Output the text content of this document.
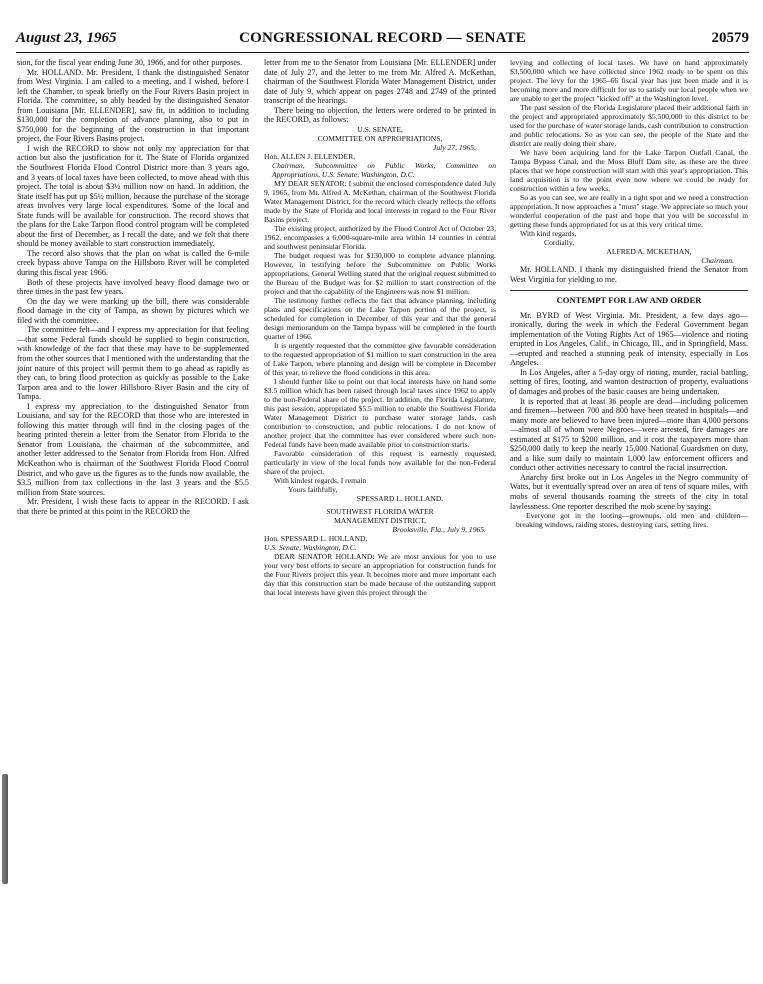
August 23, 1965	CONGRESSIONAL RECORD — SENATE	20579

sion, for the fiscal year ending June 30, 1966, and for other purposes.

Mr. HOLLAND. Mr. President, I thank the distinguished Senator from West Virginia. I am called to a meeting, and I wished, before I left the Chamber, to speak briefly on the Four Rivers Basin project in Florida. The committee, so ably headed by the distinguished Senator from Louisiana [Mr. ELLENDER], saw fit, in addition to including $130,000 for the completion of advance planning, also to put in $750,000 for the beginning of the construction in that important project, the Four Rivers Basins project.

I wish the RECORD to show not only my appreciation for that action but also the justification for it. The State of Florida organized the Southwest Florida Flood Control District more than 3 years ago, and 3 years of local taxes have been collected, to move ahead with this project. The total is about $3½ million now on hand. In addition, the State itself has put up $5½ million, because the purchase of the storage areas involves very large local expenditures. Some of the local and State funds will be available for construction. The record shows that the plans for the Lake Tarpon flood control program will be completed about the first of December, as I recall the date, and we felt that there should be money available to start construction immediately.

The record also shows that the plan on what is called the 6-mile creek bypass above Tampa on the Hillsboro River will be completed during this fiscal year 1966.

Both of these projects have involved heavy flood damage two or three times in the past few years.

On the day we were marking up the bill, there was considerable flood damage in the city of Tampa, as shown by pictures which we filed with the committee.

The committee felt—and I express my appreciation for that feeling—that some Federal funds should be supplied to begin construction, with knowledge of the fact that these may have to be supplemented from the other sources that I mentioned with the understanding that the joint nature of this project will permit them to go ahead as rapidly as they can, to bring flood protection as quickly as possible to the Lake Tarpon area and to the lower Hillsboro River Basin and the city of Tampa.

I express my appreciation to the distinguished Senator from Louisiana, and say for the RECORD that those who are interested in following this matter through will find in the closing pages of the hearing printed therein a letter from the Senator from Florida to the Senator from Louisiana, the chairman of the subcommittee, and another letter addressed to the Senator from Florida from Hon. Alfred McKeathon who is chairman of the Southwest Florida Flood Control District, and who gave us the figures as to the funds now available, the $3.5 million from tax collections in the last 3 years and the $5.5 million from State sources.

Mr. President, I wish these facts to appear in the RECORD. I ask that there be printed at this point in the RECORD the

letter from me to the Senator from Louisiana [Mr. ELLENDER] under date of July 27, and the letter to me from Mr. Alfred A. McKethan, chairman of the Southwest Florida Water Management District, under date of July 9, which appear on pages 2748 and 2749 of the printed transcript of the hearings.

There being no objection, the letters were ordered to be printed in the RECORD, as follows:

U.S. SENATE,

COMMITTEE ON APPROPRIATIONS,

July 27, 1965.

Hon. ALLEN J. ELLENDER,

Chairman, Subcommittee on Public Works, Committee on Appropriations, U.S. Senate, Washington, D.C.

MY DEAR SENATOR: I submit the enclosed correspondence dated July 9, 1965, from Mr. Alfred A. McKethan, chairman of the Southwest Florida Water Management District, for the record which clearly reflects the efforts made by the State of Florida and local interests in regard to the Four River Basins project.

The existing project, authorized by the Flood Control Act of October 23, 1962, encompasses a 6,000-square-mile area within 14 counties in central and southwest peninsular Florida.

The budget request was for $130,000 to complete advance planning. However, in testifying before the Subcommittee on Public Works appropriations, General Welling stated that the original request submitted to the Bureau of the Budget was for $2 million to start construction of the project and that the capability of the Engineers was now $1 million.

The testimony further reflects the fact that advance planning, including plans and specifications on the Lake Tarpon portion of the project, is scheduled for completion in December of this year and that the general design memorandum on the Tampa bypass will be completed in the fourth quarter of 1966.

It is urgently requested that the committee give favorable consideration to the requested appropriation of $1 million to start construction in the area of Lake Tarpon, where planning and design will be complete in December of this year, to relieve the flood conditions in this area.

I should further like to point out that local interests have on hand some $3.5 million which has been raised through local taxes since 1962 to apply to the non-Federal share of the project. In addition, the Florida Legislature, this past session, appropriated $5.5 million to enable the Southwest Florida Water Management District to purchase water storage lands, cash contribution to construction, and public relocations. I do not know of another project that the committee has ever considered where such non-Federal funds have been made available prior to construction starts.

Favorable consideration of this request is earnestly requested, particularly in view of the local funds now available for the non-Federal share of the project.

With kindest regards, I remain

Yours faithfully,

SPESSARD L. HOLLAND.

SOUTHWEST FLORIDA WATER

MANAGEMENT DISTRICT,

Brooksville, Fla., July 9, 1965.

Hon. SPESSARD L. HOLLAND,

U.S. Senate, Washington, D.C.

DEAR SENATOR HOLLAND: We are most anxious for you to use your very best efforts to secure an appropriation for construction funds for the Four Rivers project this year. It becomes more and more important each day that this construction start be made because of the outstanding support that local interests have given this project through the

levying and collecting of local taxes. We have on hand approximately $3,500,000 which we have collected since 1962 ready to be spent on this project. The levy for the 1965–66 fiscal year has just been made and it is becoming more and more difficult for us to satisfy our local people when we are unable to get the project "kicked off" at the Washington level.

The past session of the Florida Legislature placed their additional faith in the project and appropriated approximately $5,500,000 to this district to be used for the purchase of water storage lands, cash contribution to construction and public relocations. So as you can see, the people of the State and the district are really doing their share.

We have been acquiring land for the Lake Tarpon Outfall Canal, the Tampa Bypass Canal, and the Moss Bluff Dam site, as these are the three places that we hope construction will start with this year's appropriation. This land acquisition is to the point even now where we could be ready for construction within a few weeks.

So as you can see, we are really in a tight spot and we need a construction appropriation. It now approaches a "must" stage. We appreciate so much your wonderful cooperation of the past and hope that you will be successful in getting these funds appropriated for us at this very critical time.

With kind regards,

Cordially,

ALFRED A. MCKETHAN,

Chairman.

Mr. HOLLAND. I thank my distinguished friend the Senator from West Virginia for yielding to me.

CONTEMPT FOR LAW AND ORDER

Mr. BYRD of West Virginia. Mr. President, a few days ago—ironically, during the week in which the Federal Government began implementation of the Voting Rights Act of 1965—violence and rioting erupted in Los Angeles, Calif., in Chicago, Ill., and in Springfield, Mass.—erupted and reached a stunning peak of intensity, especially in Los Angeles.

In Los Angeles, after a 5-day orgy of rioting, murder, racial battling, setting of fires, looting, and wanton destruction of property, evaluations of damages and probes of the basic causes are being undertaken.

It is reported that at least 36 people are dead—including policemen and firemen—between 700 and 800 have been treated in hospitals—and many more are believed to have been injured—more than 4,000 persons—almost all of whom were Negroes—were arrested, fire damages are estimated at $175 to $200 million, and it cost the taxpayers more than $250,000 daily to keep the nearly 15,000 National Guardsmen on duty, and a like sum daily to maintain 1,000 law enforcement officers and conduct other activities necessary to control the racial insurrection.

Anarchy first broke out in Los Angeles in the Negro community of Watts, but it eventually spread over an area of tens of square miles, with mobs of several thousands roaming the streets of the city in total lawlessness. One reporter described the mob scene by saying:

Everyone got in the looting—grownups, old men and children—breaking windows, raiding stores, destroying cars, setting fires.
